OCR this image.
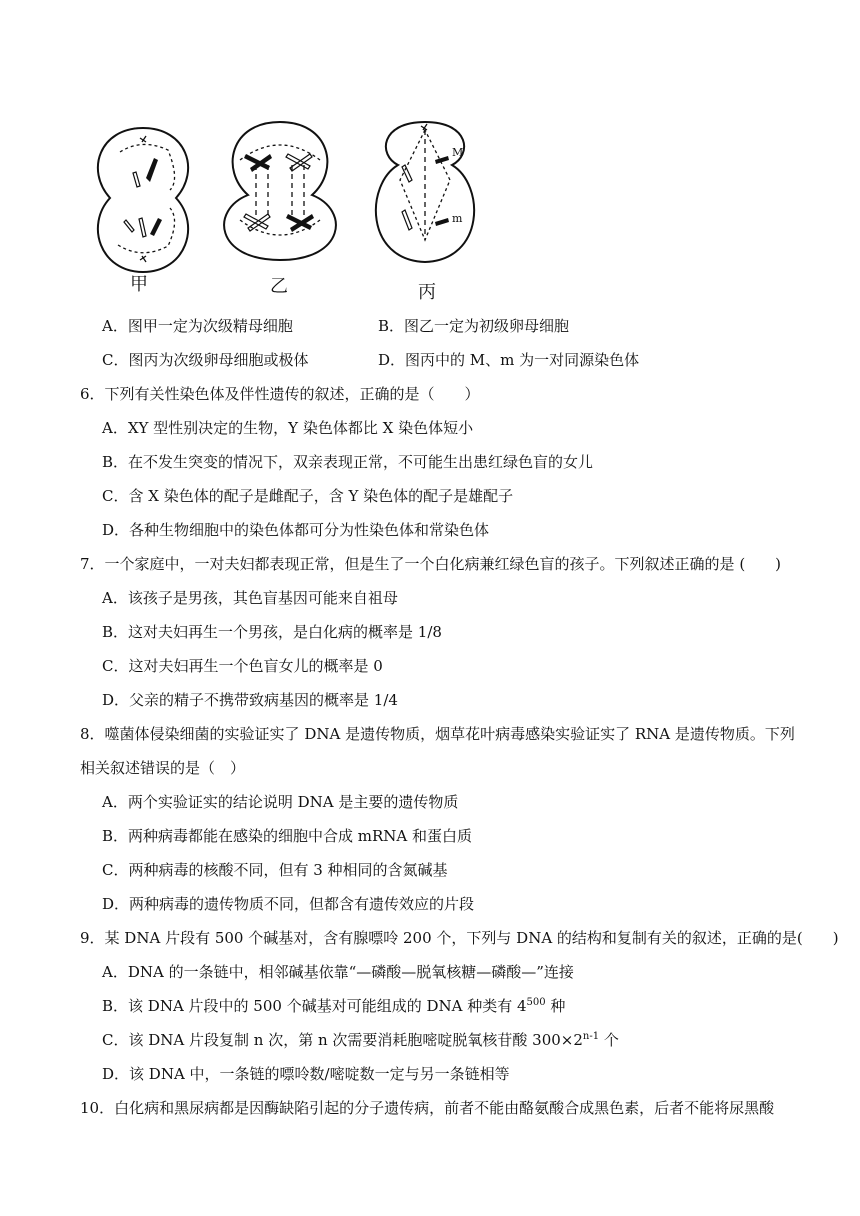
M
m
甲	乙	丙
A．图甲一定为次级精母细胞	B．图乙一定为初级卵母细胞
C．图丙为次级卵母细胞或极体	D．图丙中的 M、m 为一对同源染色体
6．下列有关性染色体及伴性遗传的叙述，正确的是（　　）
A．XY 型性别决定的生物，Y 染色体都比 X 染色体短小
B．在不发生突变的情况下，双亲表现正常，不可能生出患红绿色盲的女儿
C．含 X 染色体的配子是雌配子，含 Y 染色体的配子是雄配子
D．各种生物细胞中的染色体都可分为性染色体和常染色体
7．一个家庭中，一对夫妇都表现正常，但是生了一个白化病兼红绿色盲的孩子。下列叙述正确的是 (　　)
A．该孩子是男孩，其色盲基因可能来自祖母
B．这对夫妇再生一个男孩，是白化病的概率是 1/8
C．这对夫妇再生一个色盲女儿的概率是 0
D．父亲的精子不携带致病基因的概率是 1/4
8．噬菌体侵染细菌的实验证实了 DNA 是遗传物质，烟草花叶病毒感染实验证实了 RNA 是遗传物质。下列
相关叙述错误的是（　）
A．两个实验证实的结论说明 DNA 是主要的遗传物质
B．两种病毒都能在感染的细胞中合成 mRNA 和蛋白质
C．两种病毒的核酸不同，但有 3 种相同的含氮碱基
D．两种病毒的遗传物质不同，但都含有遗传效应的片段
9．某 DNA 片段有 500 个碱基对，含有腺嘌呤 200 个，下列与 DNA 的结构和复制有关的叙述，正确的是(　　)
A．DNA 的一条链中，相邻碱基依靠“—磷酸—脱氧核糖—磷酸—”连接
B．该 DNA 片段中的 500 个碱基对可能组成的 DNA 种类有 $4^{500}$ 种
C．该 DNA 片段复制 n 次，第 n 次需要消耗胞嘧啶脱氧核苷酸 $300\times 2^{n-1}$ 个
D．该 DNA 中，一条链的嘌呤数/嘧啶数一定与另一条链相等
10．白化病和黑尿病都是因酶缺陷引起的分子遗传病，前者不能由酪氨酸合成黑色素，后者不能将尿黑酸
